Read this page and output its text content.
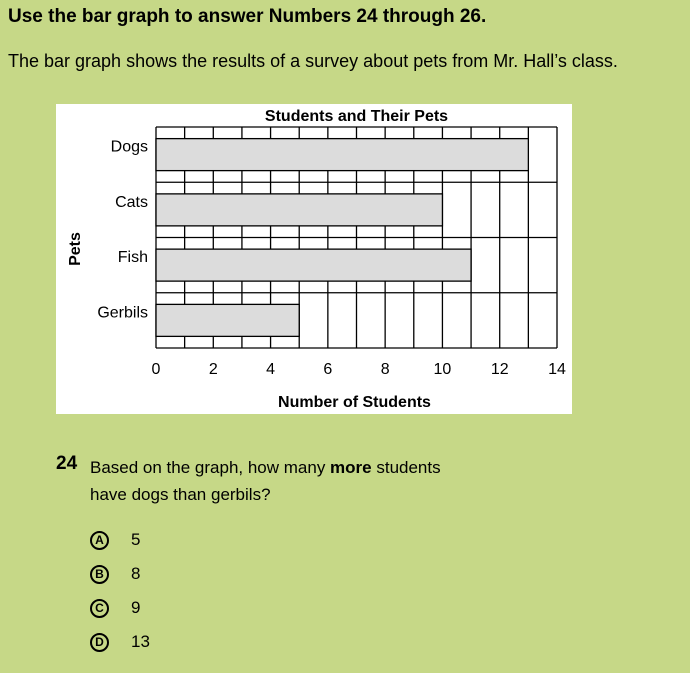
Use the bar graph to answer Numbers 24 through 26.
The bar graph shows the results of a survey about pets from Mr. Hall’s class.
Dogs
Cats
Fish
Gerbils
0	2	4	6	8	10 12 14
Students and Their Pets
Number of Students
Pets
24 Based on the graph, how many more students have dogs than gerbils?
A	5
B	8
C	9
D	13
